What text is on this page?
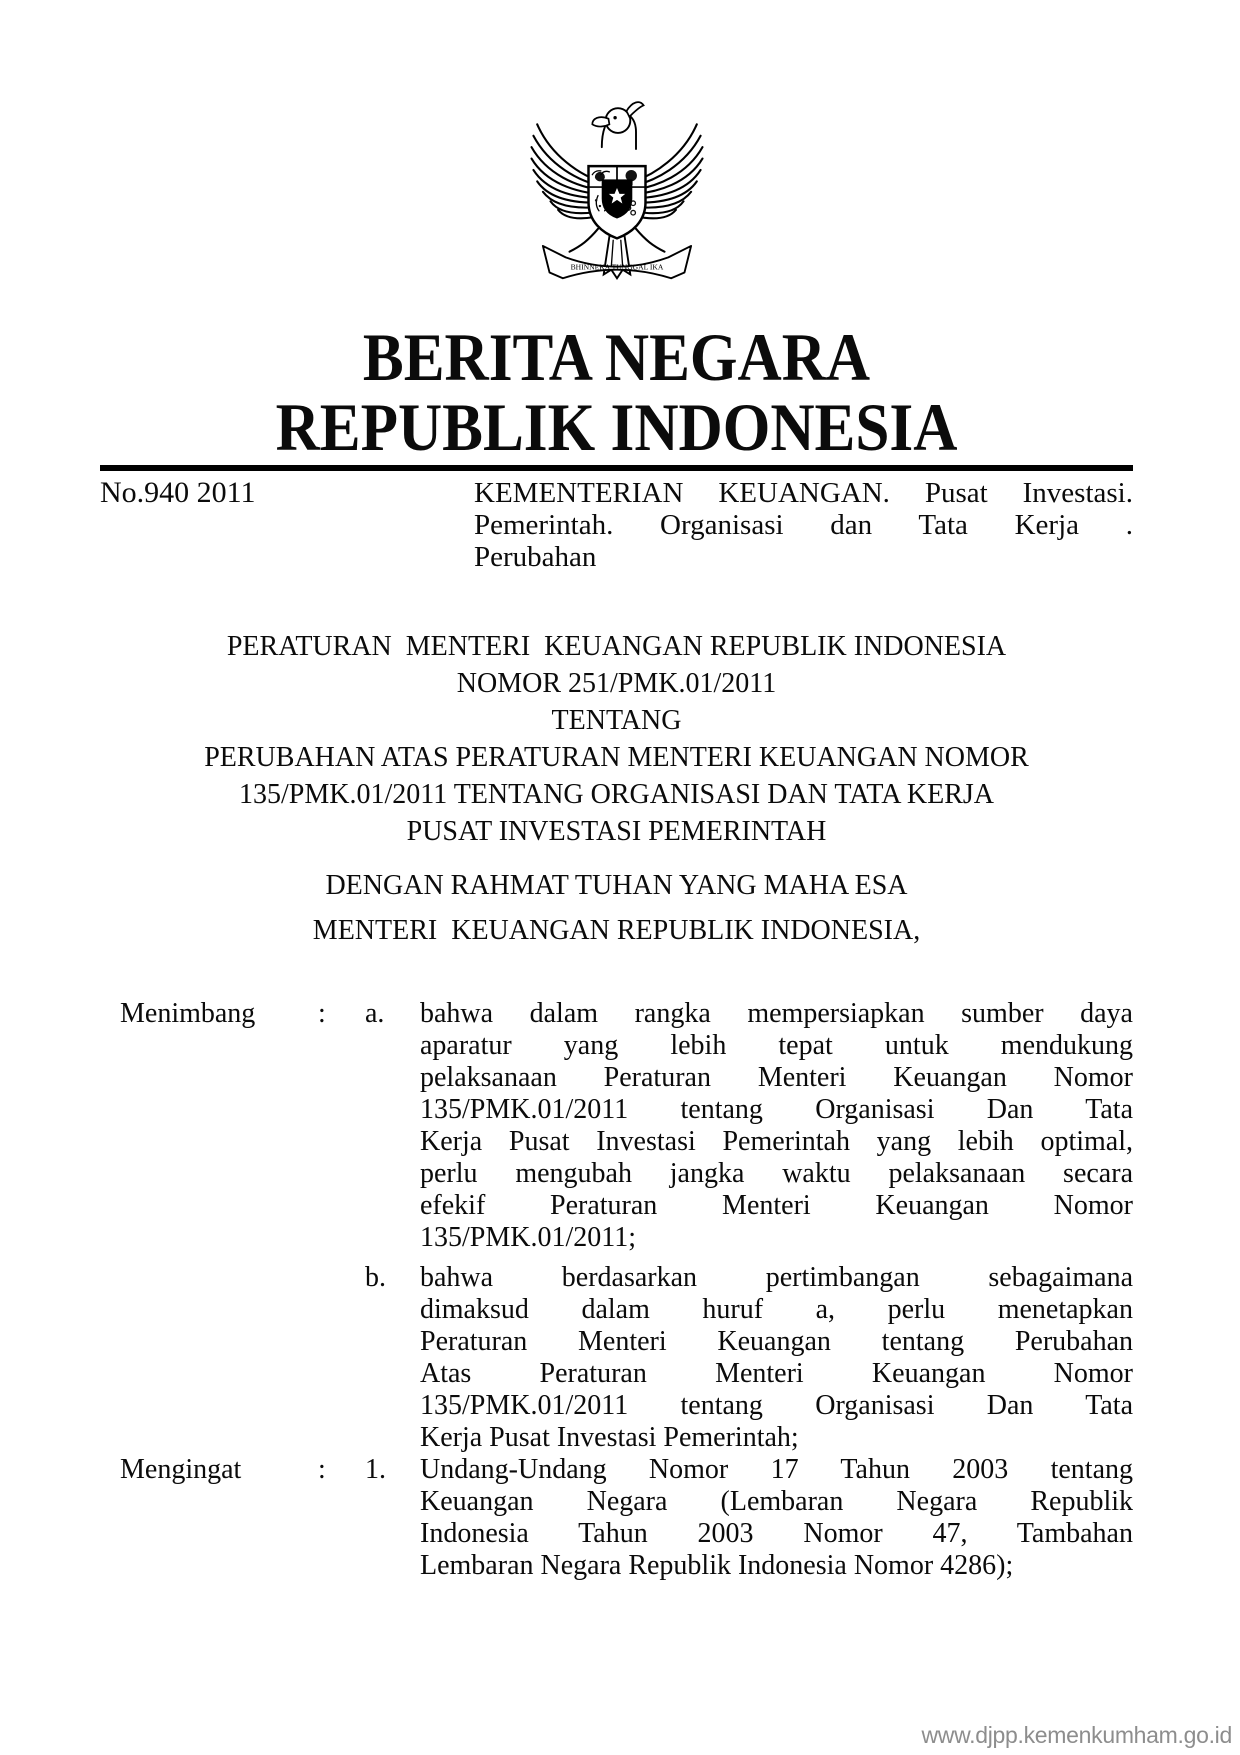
BHINNEKA TUNGGAL IKA
BERITA NEGARA
REPUBLIK INDONESIA
No.940 2011	KEMENTERIAN KEUANGAN. Pusat Investasi.
Pemerintah. Organisasi dan Tata Kerja .
Perubahan
PERATURAN  MENTERI  KEUANGAN REPUBLIK INDONESIA
NOMOR 251/PMK.01/2011
TENTANG
PERUBAHAN ATAS PERATURAN MENTERI KEUANGAN NOMOR
135/PMK.01/2011 TENTANG ORGANISASI DAN TATA KERJA
PUSAT INVESTASI PEMERINTAH
DENGAN RAHMAT TUHAN YANG MAHA ESA
MENTERI  KEUANGAN REPUBLIK INDONESIA,
Menimbang	:	a.	bahwa dalam rangka mempersiapkan sumber daya
aparatur yang lebih tepat untuk mendukung
pelaksanaan Peraturan Menteri Keuangan Nomor
135/PMK.01/2011 tentang Organisasi Dan Tata
Kerja Pusat Investasi Pemerintah yang lebih optimal,
perlu mengubah jangka waktu pelaksanaan secara
efekif Peraturan Menteri Keuangan Nomor
135/PMK.01/2011;
b.	bahwa berdasarkan pertimbangan sebagaimana
dimaksud dalam huruf a, perlu menetapkan
Peraturan Menteri Keuangan tentang Perubahan
Atas Peraturan Menteri Keuangan Nomor
135/PMK.01/2011 tentang Organisasi Dan Tata
Kerja Pusat Investasi Pemerintah;
Mengingat	:	1.	Undang-Undang Nomor 17 Tahun 2003 tentang
Keuangan Negara (Lembaran Negara Republik
Indonesia Tahun 2003 Nomor 47, Tambahan
Lembaran Negara Republik Indonesia Nomor 4286);
www.djpp.kemenkumham.go.id
